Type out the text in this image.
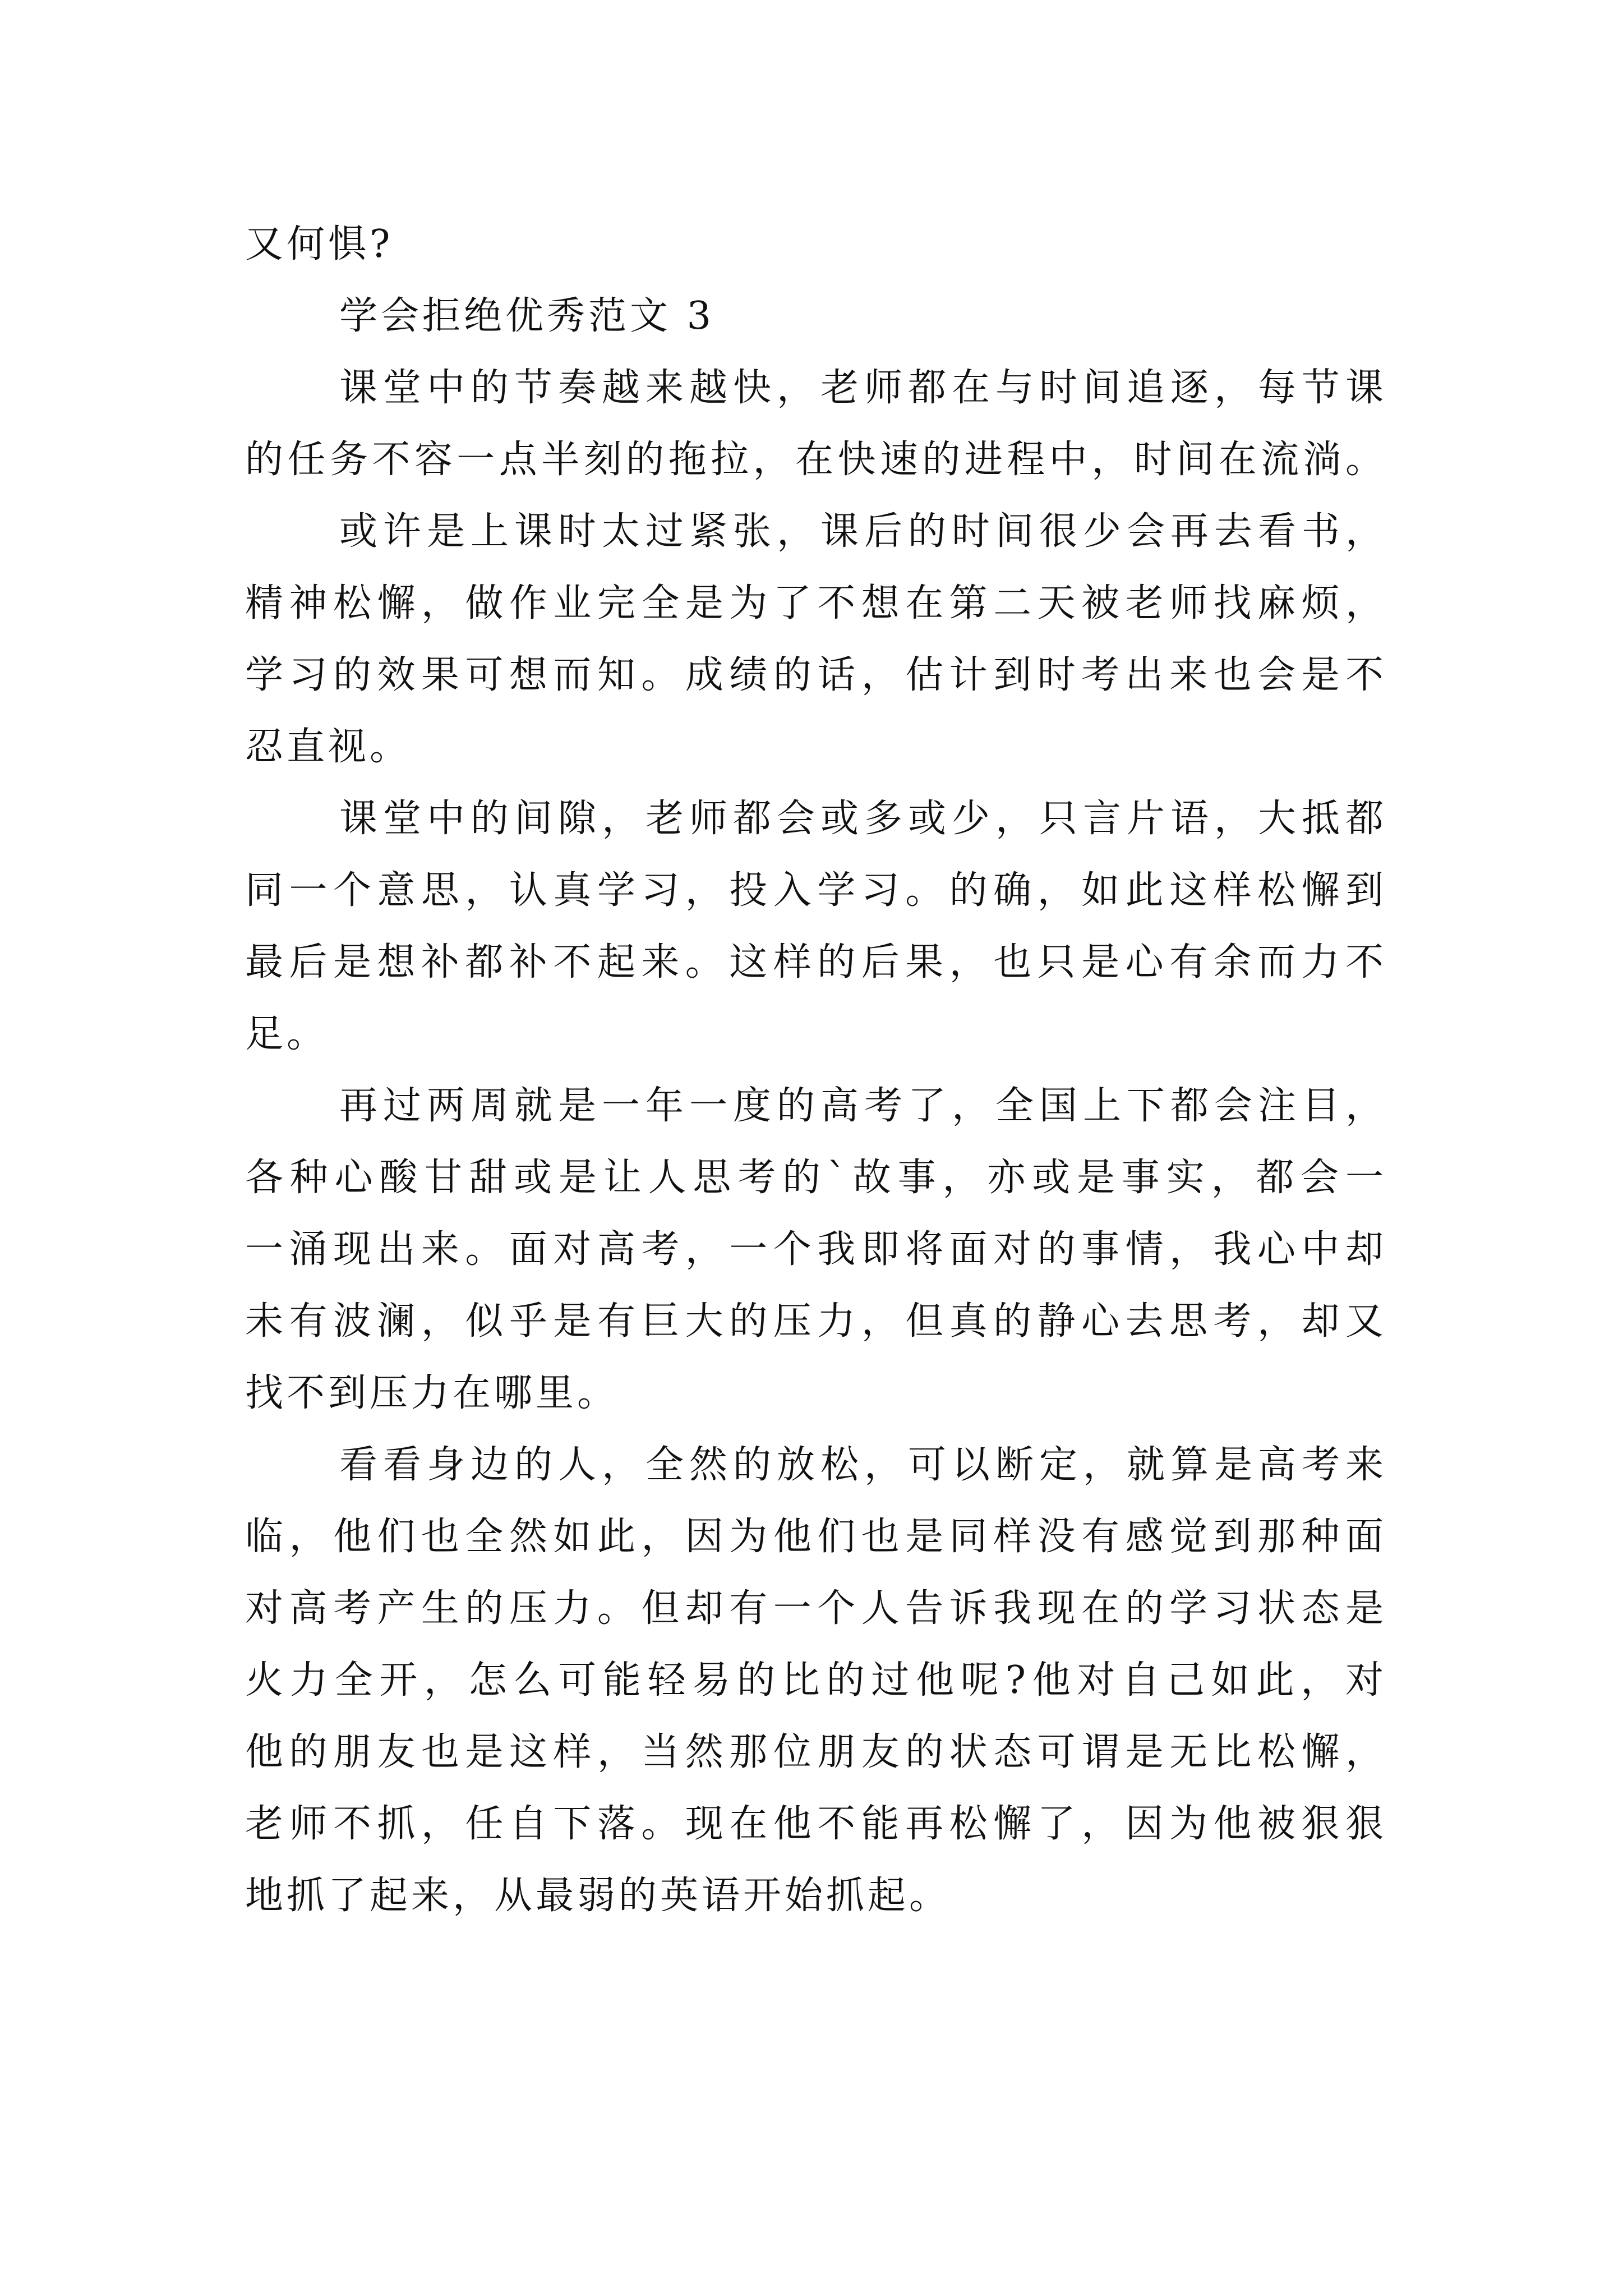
又何惧?
学会拒绝优秀范文 3
课堂中的节奏越来越快，老师都在与时间追逐，每节课
的任务不容一点半刻的拖拉，在快速的进程中，时间在流淌。
或许是上课时太过紧张，课后的时间很少会再去看书，
精神松懈，做作业完全是为了不想在第二天被老师找麻烦，
学习的效果可想而知。成绩的话，估计到时考出来也会是不
忍直视。
课堂中的间隙，老师都会或多或少，只言片语，大抵都
同一个意思，认真学习，投入学习。的确，如此这样松懈到
最后是想补都补不起来。这样的后果，也只是心有余而力不
足。
再过两周就是一年一度的高考了，全国上下都会注目，
各种心酸甘甜或是让人思考的`故事，亦或是事实，都会一
一涌现出来。面对高考，一个我即将面对的事情，我心中却
未有波澜，似乎是有巨大的压力，但真的静心去思考，却又
找不到压力在哪里。
看看身边的人，全然的放松，可以断定，就算是高考来
临，他们也全然如此，因为他们也是同样没有感觉到那种面
对高考产生的压力。但却有一个人告诉我现在的学习状态是
火力全开，怎么可能轻易的比的过他呢?他对自己如此，对
他的朋友也是这样，当然那位朋友的状态可谓是无比松懈，
老师不抓，任自下落。现在他不能再松懈了，因为他被狠狠
地抓了起来，从最弱的英语开始抓起。
